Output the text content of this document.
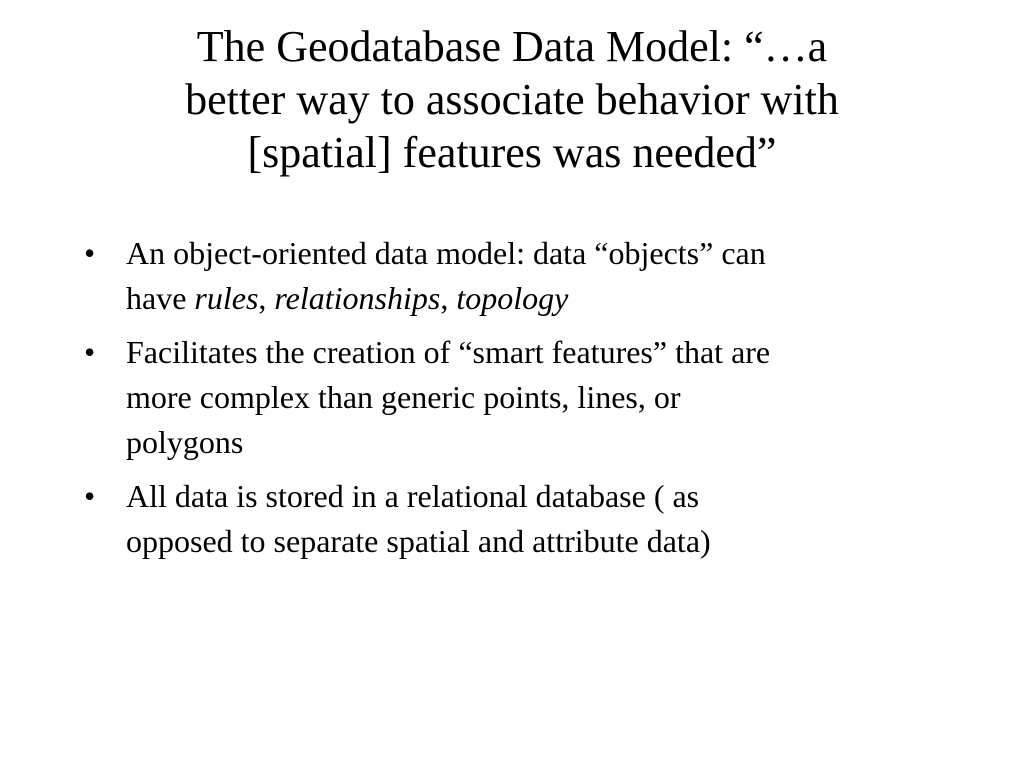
The Geodatabase Data Model: “…a
better way to associate behavior with
[spatial] features was needed”
• An object-oriented data model: data “objects” can
have rules, relationships, topology
• Facilitates the creation of “smart features” that are
more complex than generic points, lines, or
polygons
• All data is stored in a relational database ( as
opposed to separate spatial and attribute data)
